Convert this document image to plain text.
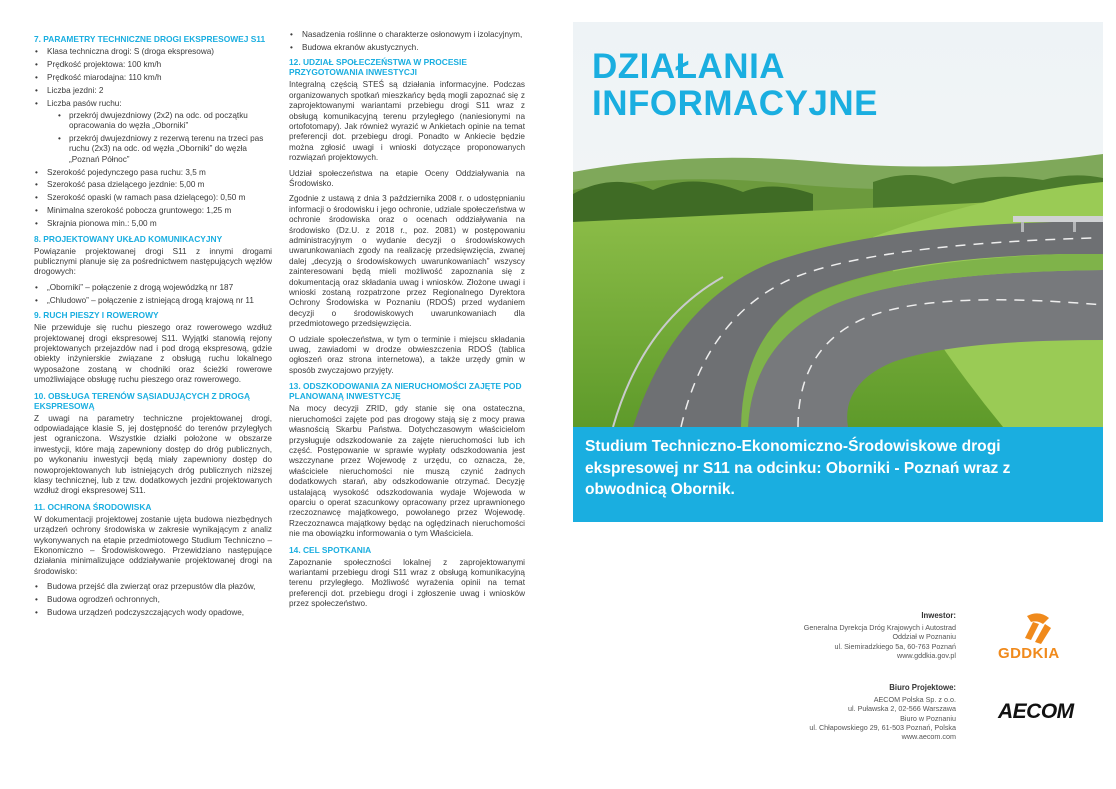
7. PARAMETRY TECHNICZNE DROGI EKSPRESOWEJ S11
• Klasa techniczna drogi: S (droga ekspresowa)
• Prędkość projektowa: 100 km/h
• Prędkość miarodajna: 110 km/h
• Liczba jezdni: 2
• Liczba pasów ruchu:
• przekrój dwujezdniowy (2x2) na odc. od początku opracowania do węzła „Oborniki”
• przekrój dwujezdniowy z rezerwą terenu na trzeci pas ruchu (2x3) na odc. od węzła „Oborniki” do węzła „Poznań Północ”
• Szerokość pojedynczego pasa ruchu: 3,5 m
• Szerokość pasa dzielącego jezdnie: 5,00 m
• Szerokość opaski (w ramach pasa dzielącego): 0,50 m
• Minimalna szerokość pobocza gruntowego: 1,25 m
• Skrajnia pionowa min.: 5,00 m
8. PROJEKTOWANY UKŁAD KOMUNIKACYJNY
Powiązanie projektowanej drogi S11 z innymi drogami publicznymi planuje się za pośrednictwem następujących węzłów drogowych:
• „Oborniki” – połączenie z drogą wojewódzką nr 187
• „Chludowo” – połączenie z istniejącą drogą krajową nr 11
9. RUCH PIESZY I ROWEROWY
Nie przewiduje się ruchu pieszego oraz rowerowego wzdłuż projektowanej drogi ekspresowej S11. Wyjątki stanowią rejony projektowanych przejazdów nad i pod drogą ekspresową, gdzie obiekty inżynierskie związane z obsługą ruchu lokalnego wyposażone zostaną w chodniki oraz ścieżki rowerowe umożliwiające obsługę ruchu pieszego oraz rowerowego.
10. OBSŁUGA TERENÓW SĄSIADUJĄCYCH Z DROGĄ EKSPRESOWĄ
Z uwagi na parametry techniczne projektowanej drogi, odpowiadające klasie S, jej dostępność do terenów przyległych jest ograniczona. Wszystkie działki położone w obszarze inwestycji, które mają zapewniony dostęp do dróg publicznych, po wykonaniu inwestycji będą miały zapewniony dostęp do nowoprojektowanych lub istniejących dróg publicznych niższej klasy technicznej, lub z tzw. dodatkowych jezdni projektowanych wzdłuż drogi ekspresowej S11.
11. OCHRONA ŚRODOWISKA
W dokumentacji projektowej zostanie ujęta budowa niezbędnych urządzeń ochrony środowiska w zakresie wynikającym z analiz wykonywanych na etapie przedmiotowego Studium Techniczno – Ekonomiczno – Środowiskowego. Przewidziano następujące działania minimalizujące oddziaływanie projektowanej drogi na środowisko:
• Budowa przejść dla zwierząt oraz przepustów dla płazów,
• Budowa ogrodzeń ochronnych,
• Budowa urządzeń podczyszczających wody opadowe,
• Nasadzenia roślinne o charakterze osłonowym i izolacyjnym,
• Budowa ekranów akustycznych.
12. UDZIAŁ SPOŁECZEŃSTWA W PROCESIE PRZYGOTOWANIA INWESTYCJI
Integralną częścią STEŚ są działania informacyjne. Podczas organizowanych spotkań mieszkańcy będą mogli zapoznać się z zaprojektowanymi wariantami przebiegu drogi S11 wraz z obsługą komunikacyjną terenu przyległego (naniesionymi na ortofotomapy). Jak również wyrazić w Ankietach opinie na temat preferencji dot. przebiegu drogi. Ponadto w Ankiecie będzie można zgłosić uwagi i wnioski dotyczące proponowanych rozwiązań projektowych.
Udział społeczeństwa na etapie Oceny Oddziaływania na Środowisko.
Zgodnie z ustawą z dnia 3 października 2008 r. o udostępnianiu informacji o środowisku i jego ochronie, udziale społeczeństwa w ochronie środowiska oraz o ocenach oddziaływania na środowisko (Dz.U. z 2018 r., poz. 2081) w postępowaniu administracyjnym o wydanie decyzji o środowiskowych uwarunkowaniach zgody na realizację przedsięwzięcia, zwanej dalej „decyzją o środowiskowych uwarunkowaniach” wszyscy zainteresowani będą mieli możliwość zapoznania się z dokumentacją oraz składania uwag i wniosków. Złożone uwagi i wnioski zostaną rozpatrzone przez Regionalnego Dyrektora Ochrony Środowiska w Poznaniu (RDOŚ) przed wydaniem decyzji o środowiskowych uwarunkowaniach dla przedmiotowego przedsięwzięcia.
O udziale społeczeństwa, w tym o terminie i miejscu składania uwag, zawiadomi w drodze obwieszczenia RDOŚ (tablica ogłoszeń oraz strona internetowa), a także urzędy gmin w sposób zwyczajowo przyjęty.
13. ODSZKODOWANIA ZA NIERUCHOMOŚCI ZAJĘTE POD PLANOWANĄ INWESTYCJĘ
Na mocy decyzji ZRID, gdy stanie się ona ostateczna, nieruchomości zajęte pod pas drogowy stają się z mocy prawa własnością Skarbu Państwa. Dotychczasowym właścicielom przysługuje odszkodowanie za zajęte nieruchomości lub ich część. Postępowanie w sprawie wypłaty odszkodowania jest wszczynane przez Wojewodę z urzędu, co oznacza, że, właściciele nieruchomości nie muszą czynić żadnych dodatkowych starań, aby odszkodowanie otrzymać. Decyzję ustalającą wysokość odszkodowania wydaje Wojewoda w oparciu o operat szacunkowy opracowany przez uprawnionego rzeczoznawcę majątkowego, powołanego przez Wojewodę. Rzeczoznawca majątkowy będąc na oględzinach nieruchomości nie ma obowiązku informowania o tym Właściciela.
14. CEL SPOTKANIA
Zapoznanie społeczności lokalnej z zaprojektowanymi wariantami przebiegu drogi S11 wraz z obsługą komunikacyjną terenu przyległego. Możliwość wyrażenia opinii na temat preferencji dot. przebiegu drogi i zgłoszenie uwag i wniosków przez społeczeństwo.
DZIAŁANIA
INFORMACYJNE
Studium Techniczno-Ekonomiczno-Środowiskowe drogi ekspresowej nr S11 na odcinku: Oborniki - Poznań wraz z obwodnicą Obornik.
Inwestor:
Generalna Dyrekcja Dróg Krajowych i Autostrad
Oddział w Poznaniu
ul. Siemiradzkiego 5a, 60-763 Poznań
www.gddkia.gov.pl
Biuro Projektowe:
AECOM Polska Sp. z o.o.
ul. Puławska 2, 02-566 Warszawa
Biuro w Poznaniu
ul. Chłapowskiego 29, 61-503 Poznań, Polska
www.aecom.com
GDDKIA
AECOM
